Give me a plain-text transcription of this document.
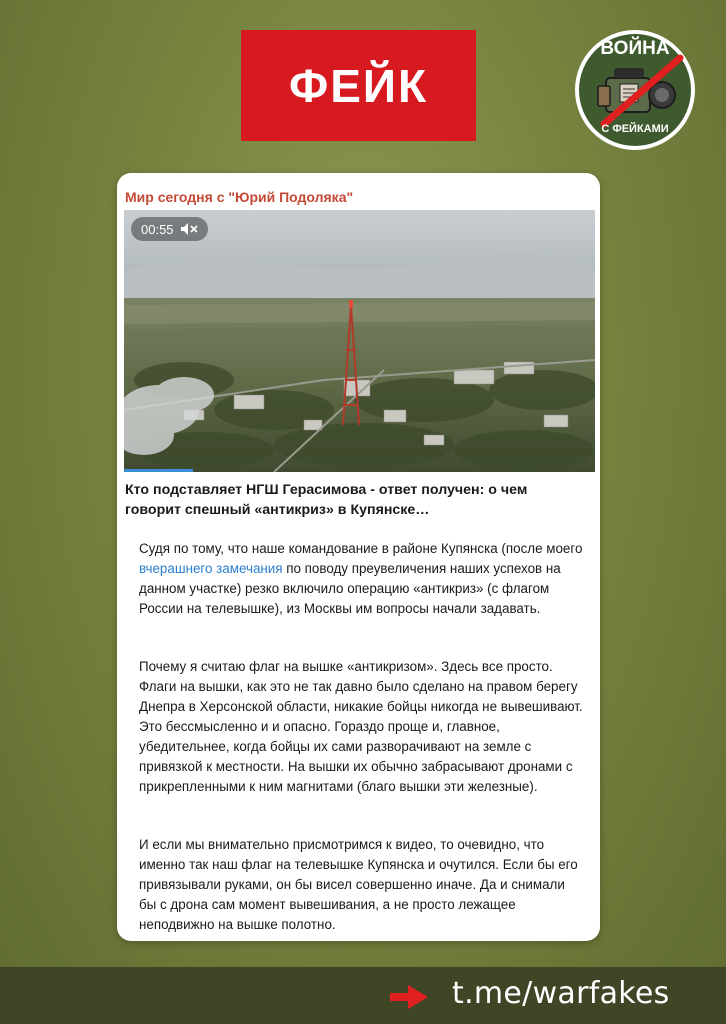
ФЕЙК
ВОЙНА
С ФЕЙКАМИ
Мир сегодня с "Юрий Подоляка"
00:55
Кто подставляет НГШ Герасимова - ответ получен: о чем говорит спешный «антикриз» в Купянске…
Судя по тому, что наше командование в районе Купянска (после моего вчерашнего замечания по поводу преувеличения наших успехов на данном участке) резко включило операцию «антикриз» (с флагом России на телевышке), из Москвы им вопросы начали задавать.
Почему я считаю флаг на вышке «антикризом». Здесь все просто. Флаги на вышки, как это не так давно было сделано на правом берегу Днепра в Херсонской области, никакие бойцы никогда не вывешивают. Это бессмысленно и и опасно. Гораздо проще и, главное, убедительнее, когда бойцы их сами разворачивают на земле с привязкой к местности. На вышки их обычно забрасывают дронами с прикрепленными к ним магнитами (благо вышки эти железные).
И если мы внимательно присмотримся к видео, то очевидно, что именно так наш флаг на телевышке Купянска и очутился. Если бы его привязывали руками, он бы висел совершенно иначе. Да и снимали бы с дрона сам момент вывешивания, а не просто лежащее неподвижно на вышке полотно.
t.me/warfakes
